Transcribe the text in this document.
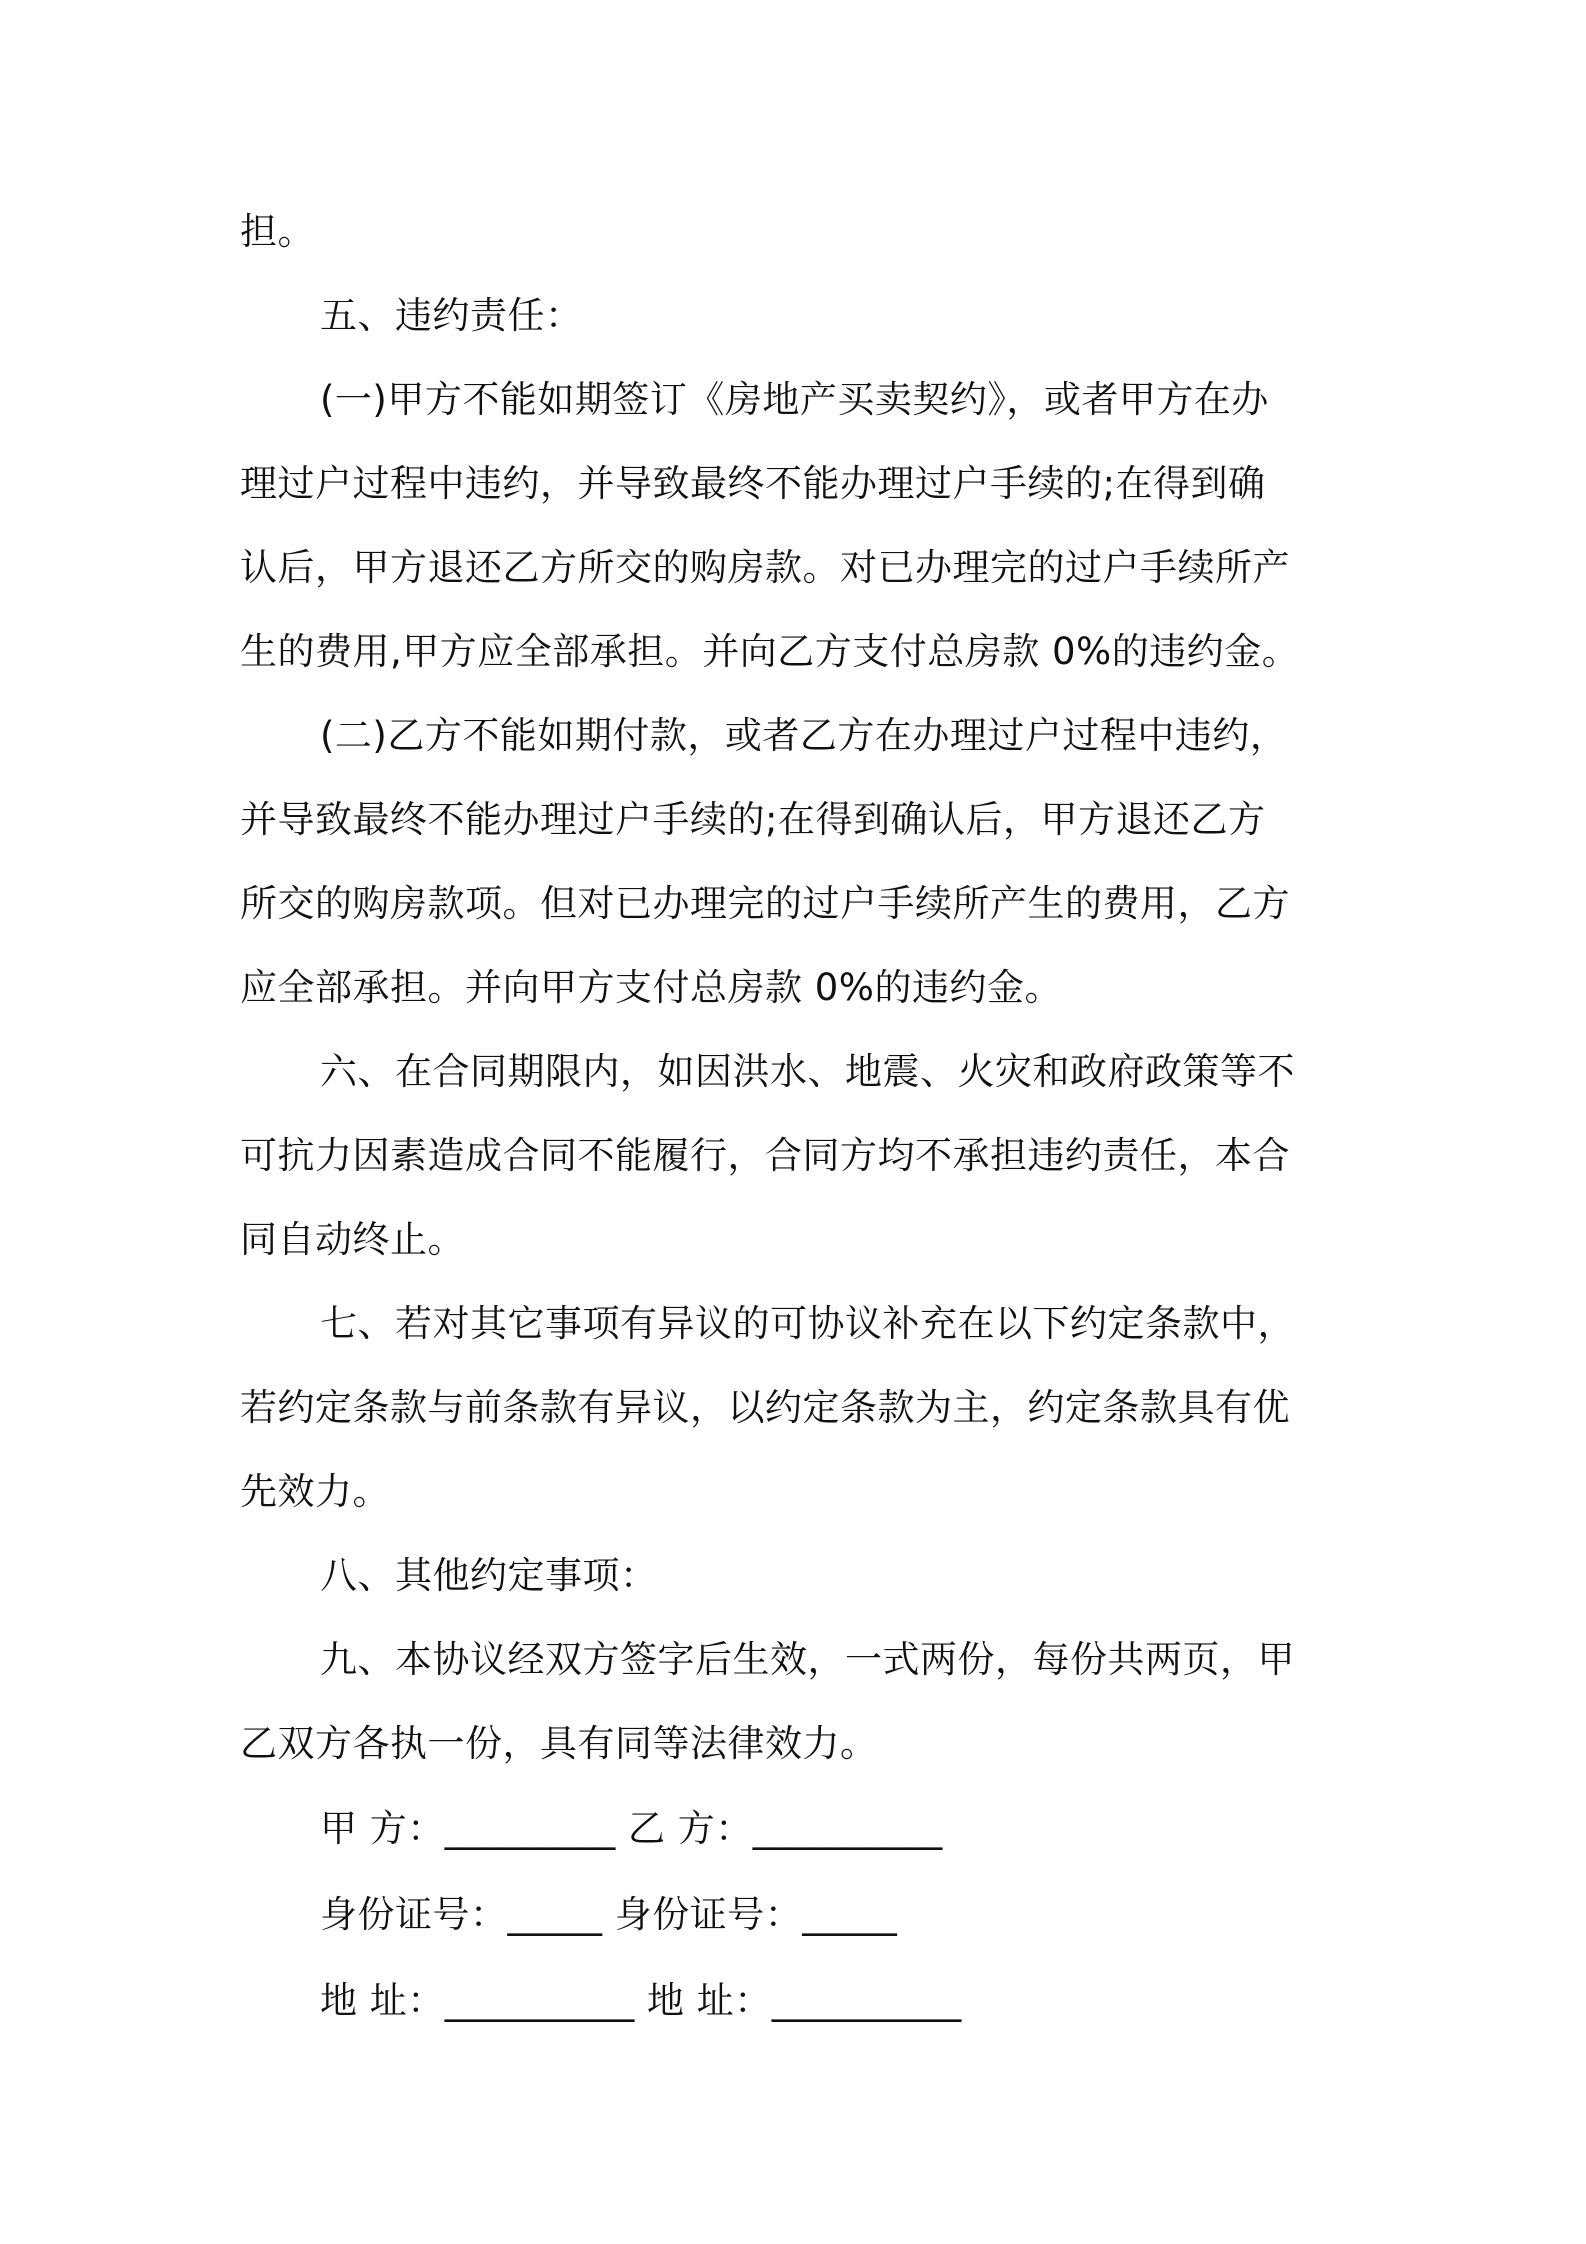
担。
五、违约责任：
(一)甲方不能如期签订《房地产买卖契约》，或者甲方在办
理过户过程中违约，并导致最终不能办理过户手续的;在得到确
认后，甲方退还乙方所交的购房款。对已办理完的过户手续所产
生的费用,甲方应全部承担。并向乙方支付总房款 0%的违约金。
(二)乙方不能如期付款，或者乙方在办理过户过程中违约，
并导致最终不能办理过户手续的;在得到确认后，甲方退还乙方
所交的购房款项。但对已办理完的过户手续所产生的费用，乙方
应全部承担。并向甲方支付总房款 0%的违约金。
六、在合同期限内，如因洪水、地震、火灾和政府政策等不
可抗力因素造成合同不能履行，合同方均不承担违约责任，本合
同自动终止。
七、若对其它事项有异议的可协议补充在以下约定条款中，
若约定条款与前条款有异议，以约定条款为主，约定条款具有优
先效力。
八、其他约定事项：
九、本协议经双方签字后生效，一式两份，每份共两页，甲
乙双方各执一份，具有同等法律效力。
甲 方：_________ 乙 方：__________
身份证号：_____ 身份证号：_____
地 址：__________ 地 址：__________
